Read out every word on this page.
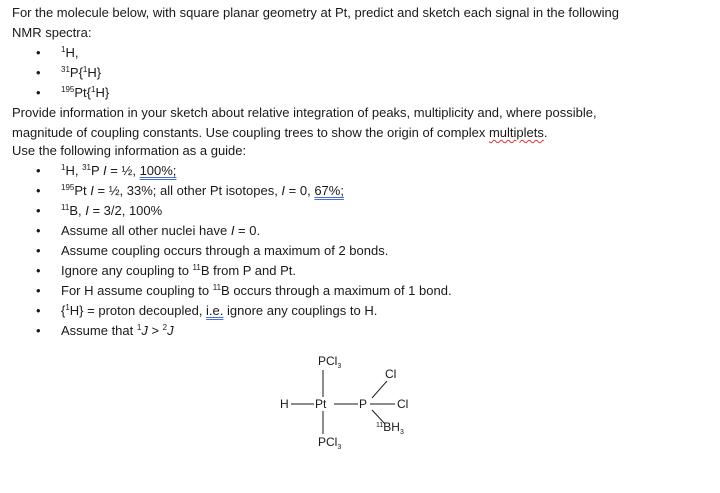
For the molecule below, with square planar geometry at Pt, predict and sketch each signal in the following
NMR spectra:
•$^1$H,
•$^{31}$P{$^1$H}
•$^{195}$Pt{$^1$H}
Provide information in your sketch about relative integration of peaks, multiplicity and, where possible,
magnitude of coupling constants. Use coupling trees to show the origin of complex multiplets.
Use the following information as a guide:
•$^1$H, $^{31}$P I = ½, 100%;
•$^{195}$Pt I = ½, 33%; all other Pt isotopes, I = 0, 67%;
•$^{11}$B, I = 3/2, 100%
•Assume all other nuclei have I = 0.
•Assume coupling occurs through a maximum of 2 bonds.
•Ignore any coupling to $^{11}$B from P and Pt.
•For H assume coupling to $^{11}$B occurs through a maximum of 1 bond.
•{$^1$H} = proton decoupled, i.e. ignore any couplings to H.
•Assume that $^1$J > $^2$J
PCl$_3$
H Pt	P
Cl
Cl
$^{11}BH_3$
PCl$_3$
